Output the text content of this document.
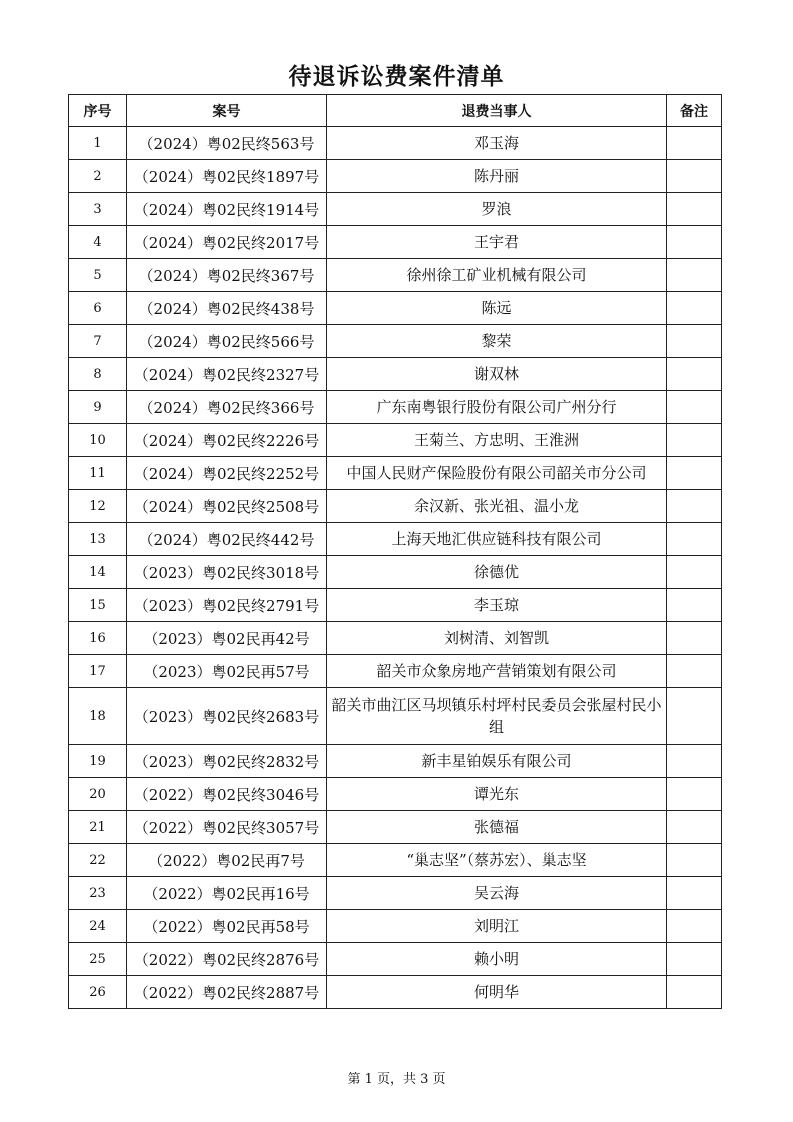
待退诉讼费案件清单
序号	案号	退费当事人	备注
1	（2024）粤02民终563号	邓玉海	
2	（2024）粤02民终1897号	陈丹丽	
3	（2024）粤02民终1914号	罗浪	
4	（2024）粤02民终2017号	王宇君	
5	（2024）粤02民终367号	徐州徐工矿业机械有限公司	
6	（2024）粤02民终438号	陈远	
7	（2024）粤02民终566号	黎荣	
8	（2024）粤02民终2327号	谢双林	
9	（2024）粤02民终366号	广东南粤银行股份有限公司广州分行	
10	（2024）粤02民终2226号	王菊兰、方忠明、王淮洲	
11	（2024）粤02民终2252号	中国人民财产保险股份有限公司韶关市分公司	
12	（2024）粤02民终2508号	余汉新、张光祖、温小龙	
13	（2024）粤02民终442号	上海天地汇供应链科技有限公司	
14	（2023）粤02民终3018号	徐德优	
15	（2023）粤02民终2791号	李玉琼	
16	（2023）粤02民再42号	刘树清、刘智凯	
17	（2023）粤02民再57号	韶关市众象房地产营销策划有限公司	
18	（2023）粤02民终2683号	韶关市曲江区马坝镇乐村坪村民委员会张屋村民小组	
19	（2023）粤02民终2832号	新丰星铂娱乐有限公司	
20	（2022）粤02民终3046号	谭光东	
21	（2022）粤02民终3057号	张德福	
22	（2022）粤02民再7号	“巢志坚”（蔡苏宏）、巢志坚	
23	（2022）粤02民再16号	吴云海	
24	（2022）粤02民再58号	刘明江	
25	（2022）粤02民终2876号	赖小明	
26	（2022）粤02民终2887号	何明华	
第 1 页，共 3 页
